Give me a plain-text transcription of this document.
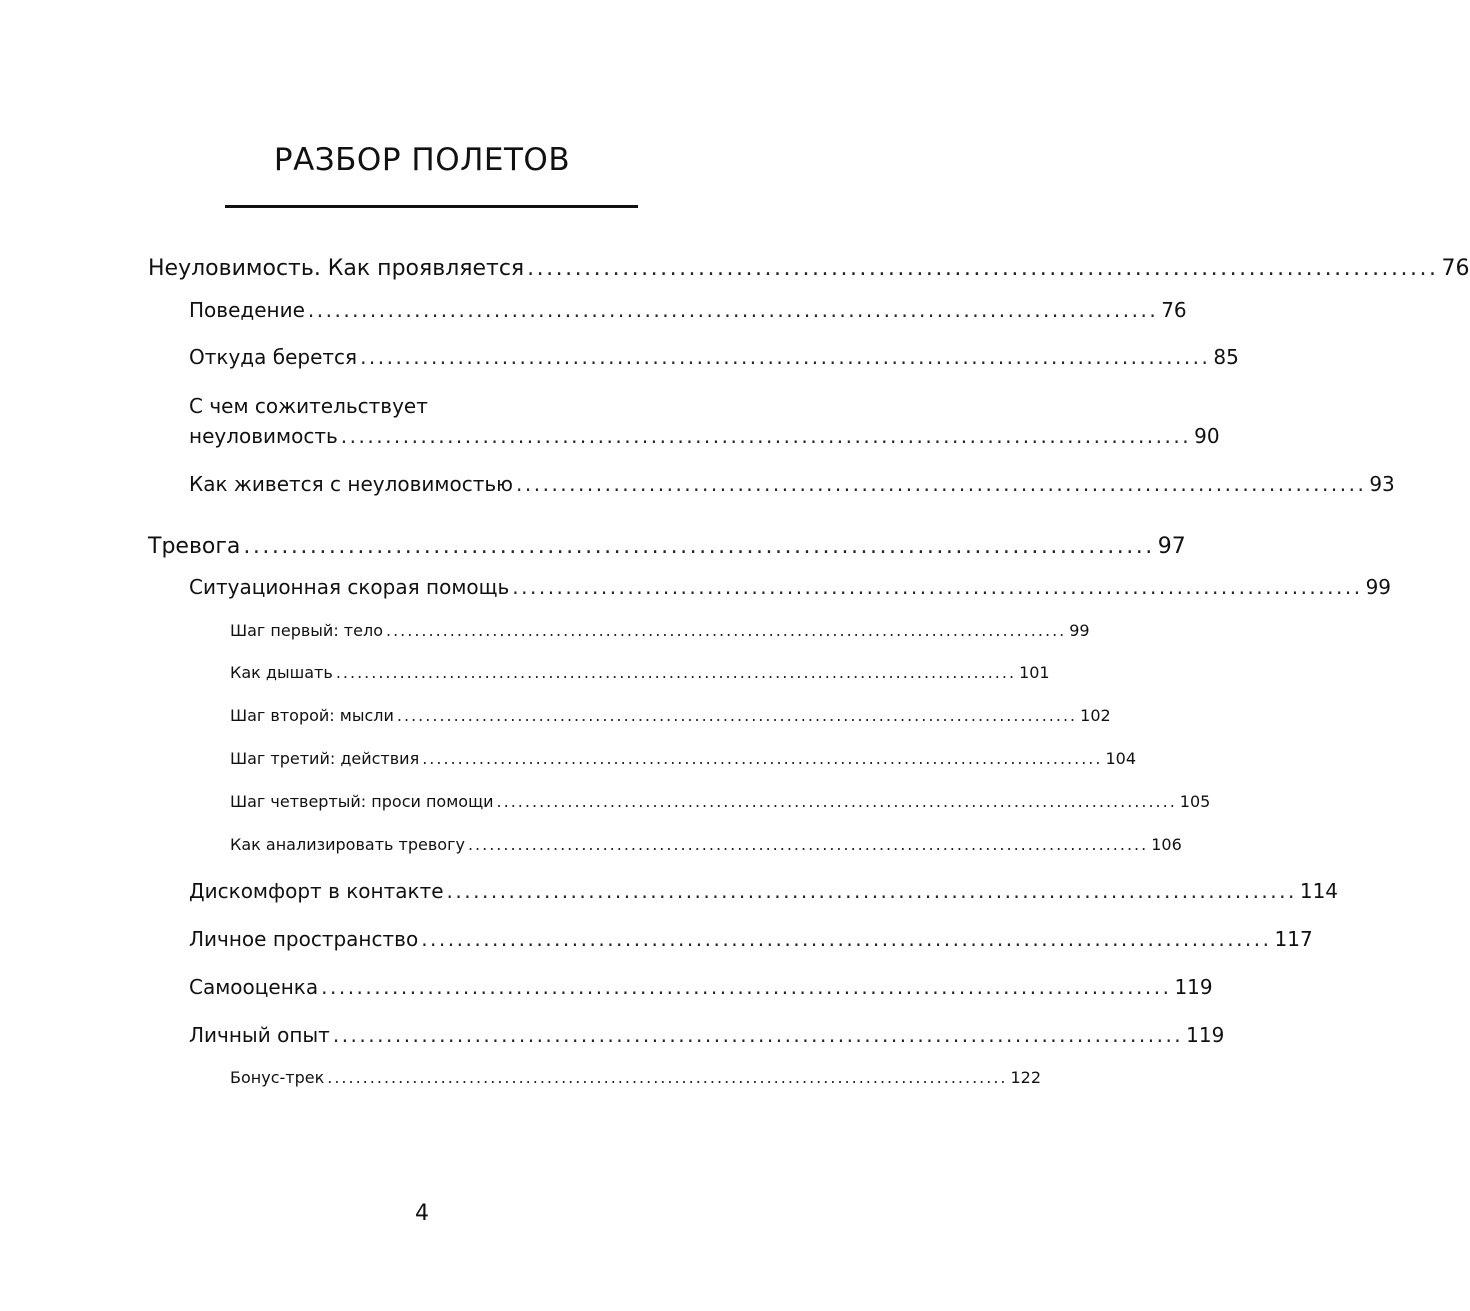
РАЗБОР ПОЛЕТОВ
Неуловимость. Как проявляется ................................................................................................ 76
Поведение ................................................................................................ 76
Откуда берется ................................................................................................ 85
С чем сожительствует
неуловимость ................................................................................................ 90
Как живется с неуловимостью ................................................................................................ 93
Тревога ................................................................................................ 97
Ситуационная скорая помощь ................................................................................................ 99
Шаг первый: тело ................................................................................................ 99
Как дышать ................................................................................................ 101
Шаг второй: мысли ................................................................................................ 102
Шаг третий: действия ................................................................................................ 104
Шаг четвертый: проси помощи ................................................................................................ 105
Как анализировать тревогу ................................................................................................ 106
Дискомфорт в контакте ................................................................................................ 114
Личное пространство ................................................................................................ 117
Самооценка ................................................................................................ 119
Личный опыт ................................................................................................ 119
Бонус-трек ................................................................................................ 122
4
